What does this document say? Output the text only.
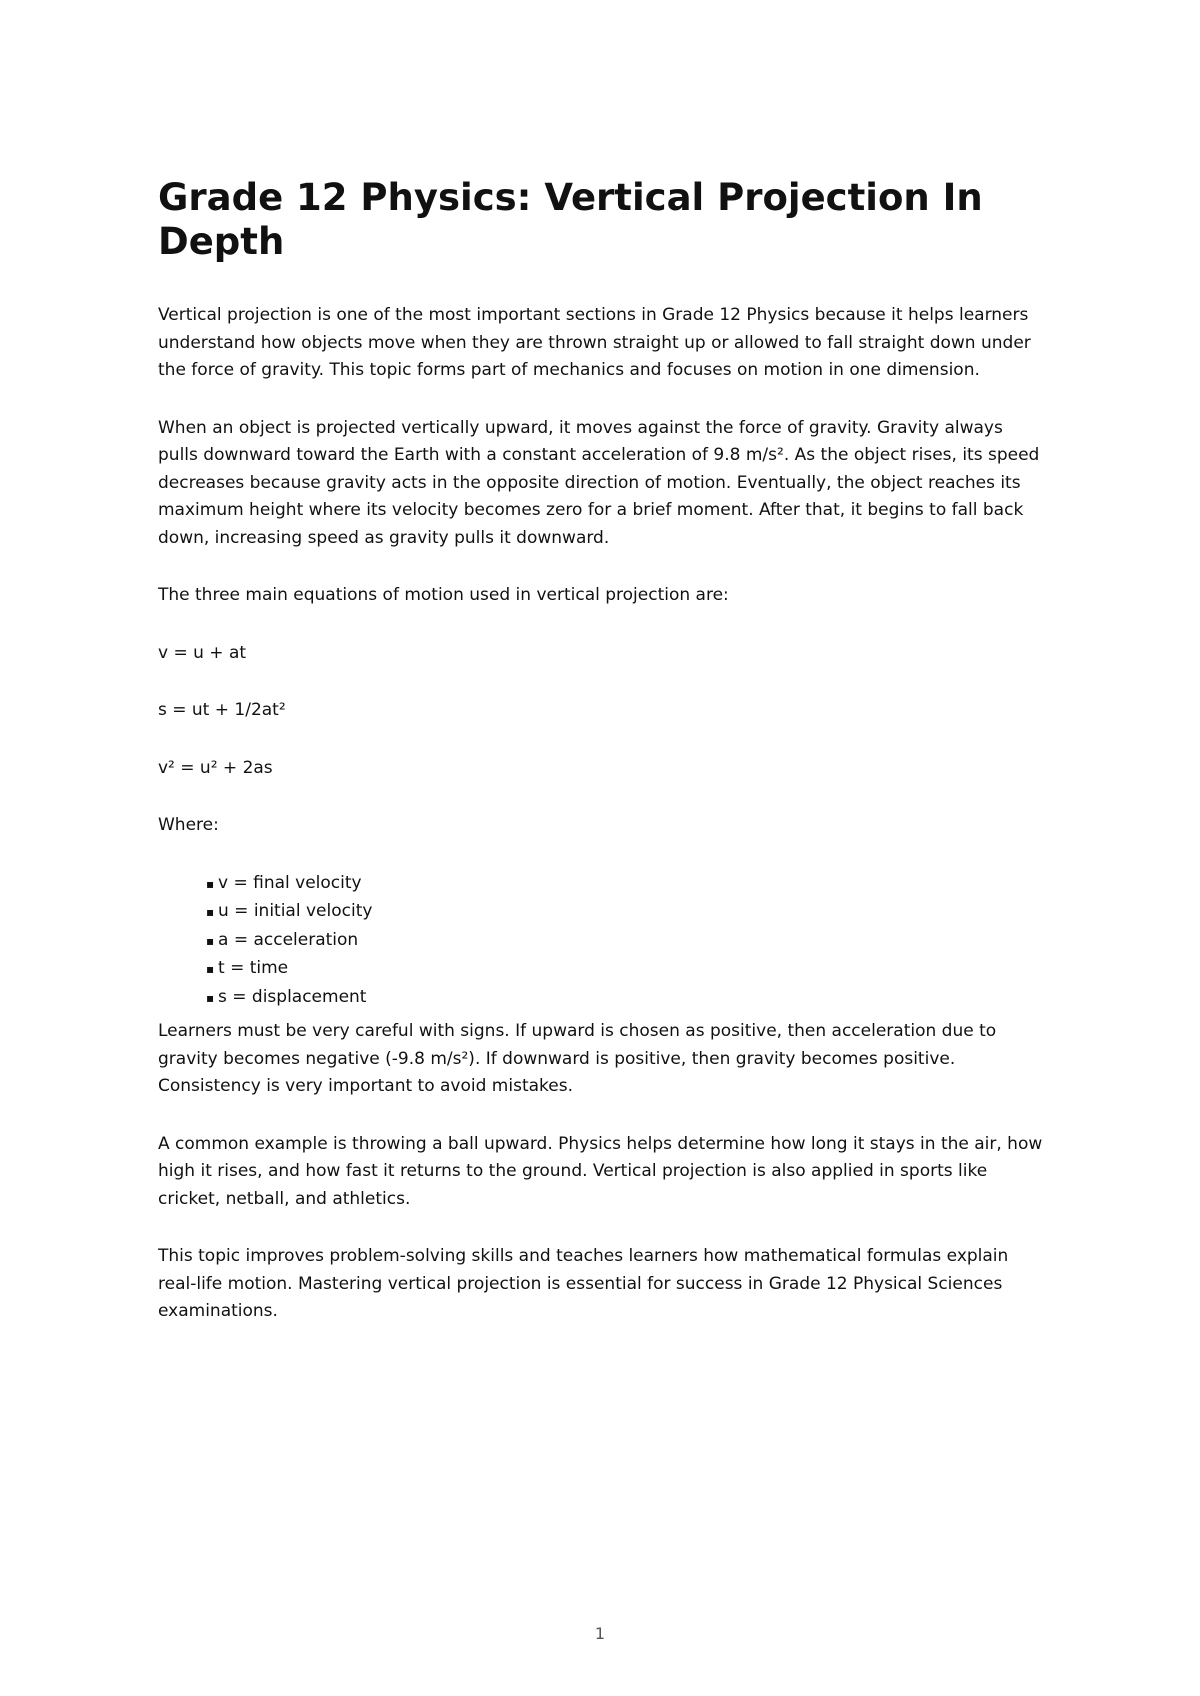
Grade 12 Physics: Vertical Projection In Depth

Vertical projection is one of the most important sections in Grade 12 Physics because it helps learners understand how objects move when they are thrown straight up or allowed to fall straight down under the force of gravity. This topic forms part of mechanics and focuses on motion in one dimension.

When an object is projected vertically upward, it moves against the force of gravity. Gravity always pulls downward toward the Earth with a constant acceleration of 9.8 m/s². As the object rises, its speed decreases because gravity acts in the opposite direction of motion. Eventually, the object reaches its maximum height where its velocity becomes zero for a brief moment. After that, it begins to fall back down, increasing speed as gravity pulls it downward.

The three main equations of motion used in vertical projection are:

v = u + at

s = ut + 1/2at²

v² = u² + 2as

Where:

▪ v = final velocity
▪ u = initial velocity
▪ a = acceleration
▪ t = time
▪ s = displacement

Learners must be very careful with signs. If upward is chosen as positive, then acceleration due to gravity becomes negative (-9.8 m/s²). If downward is positive, then gravity becomes positive. Consistency is very important to avoid mistakes.

A common example is throwing a ball upward. Physics helps determine how long it stays in the air, how high it rises, and how fast it returns to the ground. Vertical projection is also applied in sports like cricket, netball, and athletics.

This topic improves problem-solving skills and teaches learners how mathematical formulas explain real-life motion. Mastering vertical projection is essential for success in Grade 12 Physical Sciences examinations.

1
